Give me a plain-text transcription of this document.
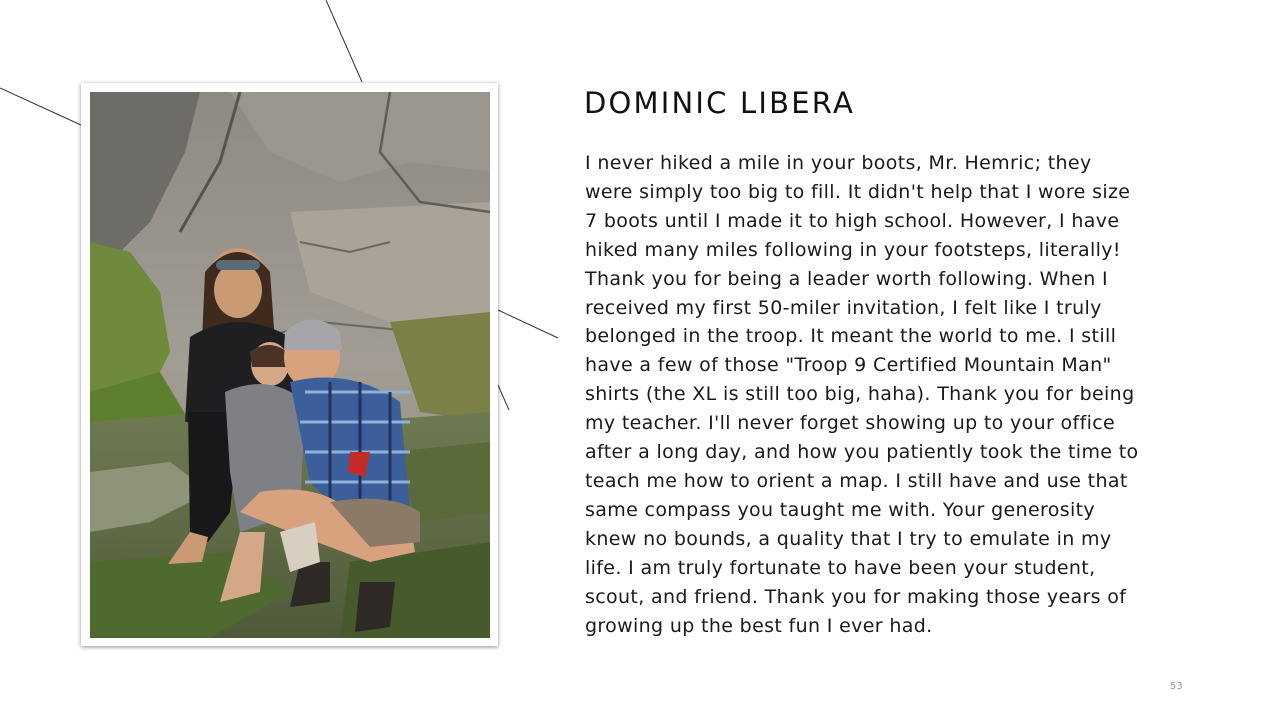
DOMINIC LIBERA

I never hiked a mile in your boots, Mr. Hemric; they
were simply too big to fill. It didn't help that I wore size
7 boots until I made it to high school. However, I have
hiked many miles following in your footsteps, literally!
Thank you for being a leader worth following. When I
received my first 50-miler invitation, I felt like I truly
belonged in the troop. It meant the world to me. I still
have a few of those "Troop 9 Certified Mountain Man"
shirts (the XL is still too big, haha). Thank you for being
my teacher. I'll never forget showing up to your office
after a long day, and how you patiently took the time to
teach me how to orient a map. I still have and use that
same compass you taught me with. Your generosity
knew no bounds, a quality that I try to emulate in my
life. I am truly fortunate to have been your student,
scout, and friend. Thank you for making those years of
growing up the best fun I ever had.

53
